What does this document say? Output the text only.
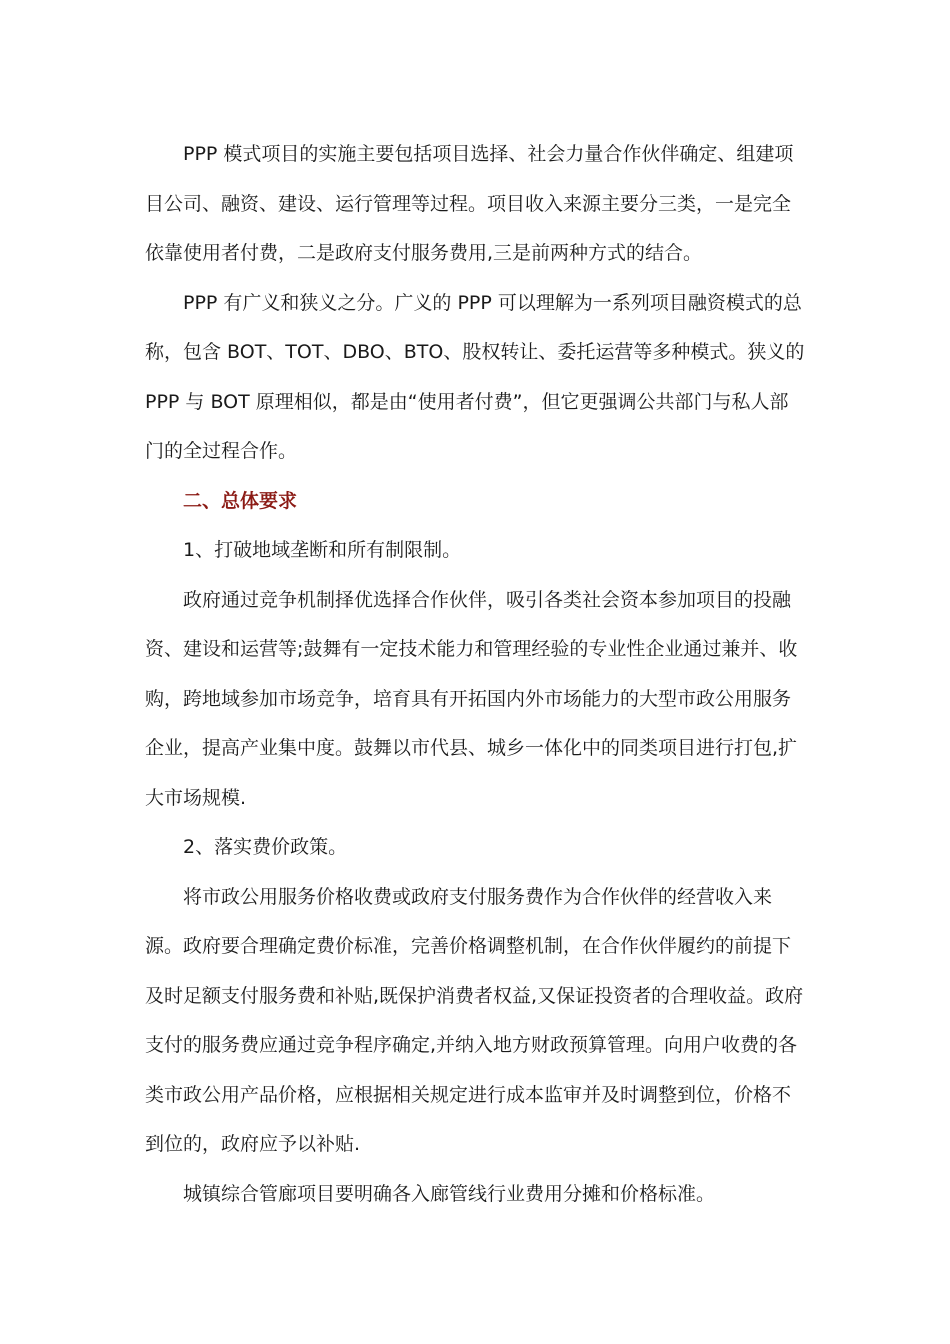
PPP 模式项目的实施主要包括项目选择、社会力量合作伙伴确定、组建项
目公司、融资、建设、运行管理等过程。项目收入来源主要分三类，一是完全
依靠使用者付费，二是政府支付服务费用,三是前两种方式的结合。
PPP 有广义和狭义之分。广义的 PPP 可以理解为一系列项目融资模式的总
称，包含 BOT、TOT、DBO、BTO、股权转让、委托运营等多种模式。狭义的
PPP 与 BOT 原理相似，都是由“使用者付费”，但它更强调公共部门与私人部
门的全过程合作。
二、总体要求
1、打破地域垄断和所有制限制。
政府通过竞争机制择优选择合作伙伴，吸引各类社会资本参加项目的投融
资、建设和运营等;鼓舞有一定技术能力和管理经验的专业性企业通过兼并、收
购，跨地域参加市场竞争，培育具有开拓国内外市场能力的大型市政公用服务
企业，提高产业集中度。鼓舞以市代县、城乡一体化中的同类项目进行打包,扩
大市场规模.
2、落实费价政策。
将市政公用服务价格收费或政府支付服务费作为合作伙伴的经营收入来
源。政府要合理确定费价标准，完善价格调整机制，在合作伙伴履约的前提下
及时足额支付服务费和补贴,既保护消费者权益,又保证投资者的合理收益。政府
支付的服务费应通过竞争程序确定,并纳入地方财政预算管理。向用户收费的各
类市政公用产品价格，应根据相关规定进行成本监审并及时调整到位，价格不
到位的，政府应予以补贴.
城镇综合管廊项目要明确各入廊管线行业费用分摊和价格标准。
